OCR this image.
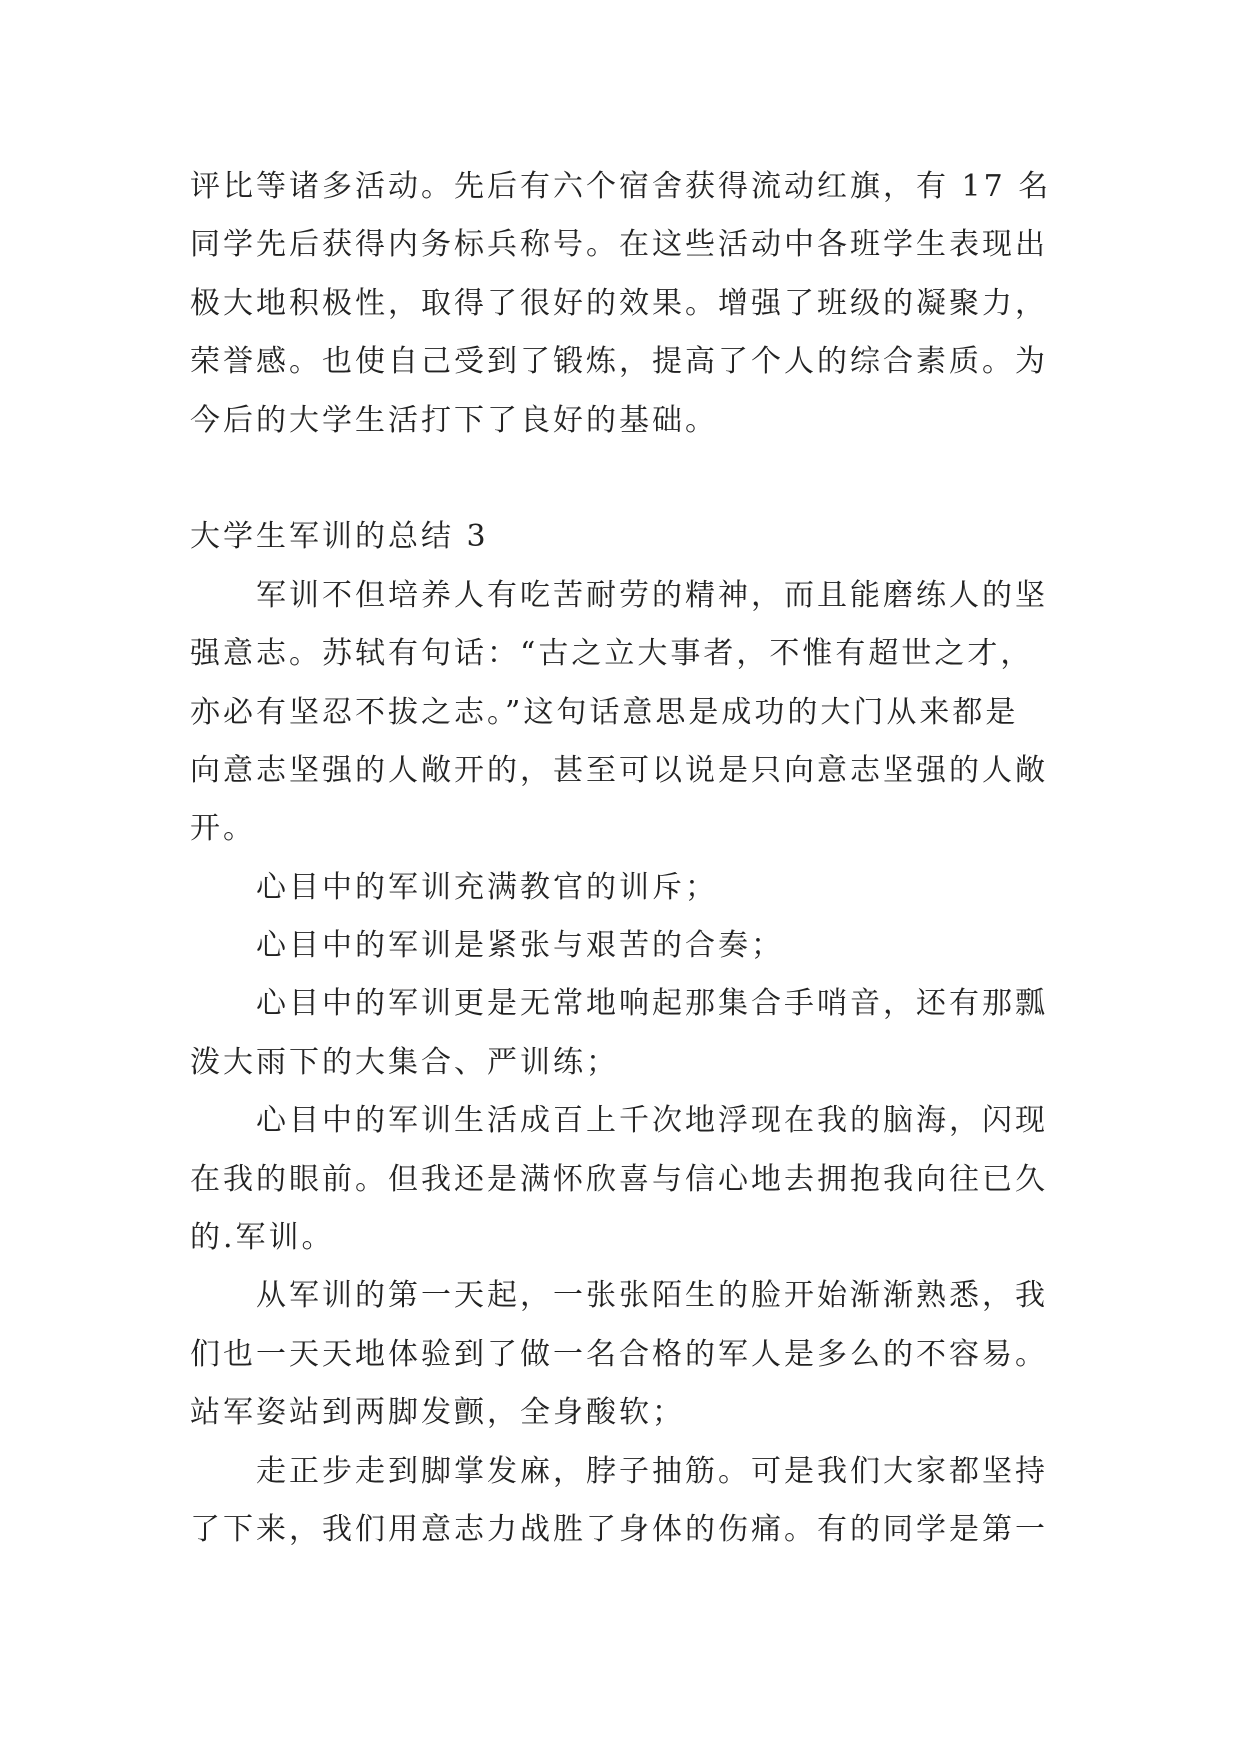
评比等诸多活动。先后有六个宿舍获得流动红旗，有 17 名
同学先后获得内务标兵称号。在这些活动中各班学生表现出
极大地积极性，取得了很好的效果。增强了班级的凝聚力，
荣誉感。也使自己受到了锻炼，提高了个人的综合素质。为
今后的大学生活打下了良好的基础。
大学生军训的总结 3
军训不但培养人有吃苦耐劳的精神，而且能磨练人的坚
强意志。苏轼有句话：“古之立大事者，不惟有超世之才，
亦必有坚忍不拔之志。”这句话意思是成功的大门从来都是
向意志坚强的人敞开的，甚至可以说是只向意志坚强的人敞
开。
心目中的军训充满教官的训斥；
心目中的军训是紧张与艰苦的合奏；
心目中的军训更是无常地响起那集合手哨音，还有那瓢
泼大雨下的大集合、严训练；
心目中的军训生活成百上千次地浮现在我的脑海，闪现
在我的眼前。但我还是满怀欣喜与信心地去拥抱我向往已久
的.军训。
从军训的第一天起，一张张陌生的脸开始渐渐熟悉，我
们也一天天地体验到了做一名合格的军人是多么的不容易。
站军姿站到两脚发颤，全身酸软；
走正步走到脚掌发麻，脖子抽筋。可是我们大家都坚持
了下来，我们用意志力战胜了身体的伤痛。有的同学是第一
